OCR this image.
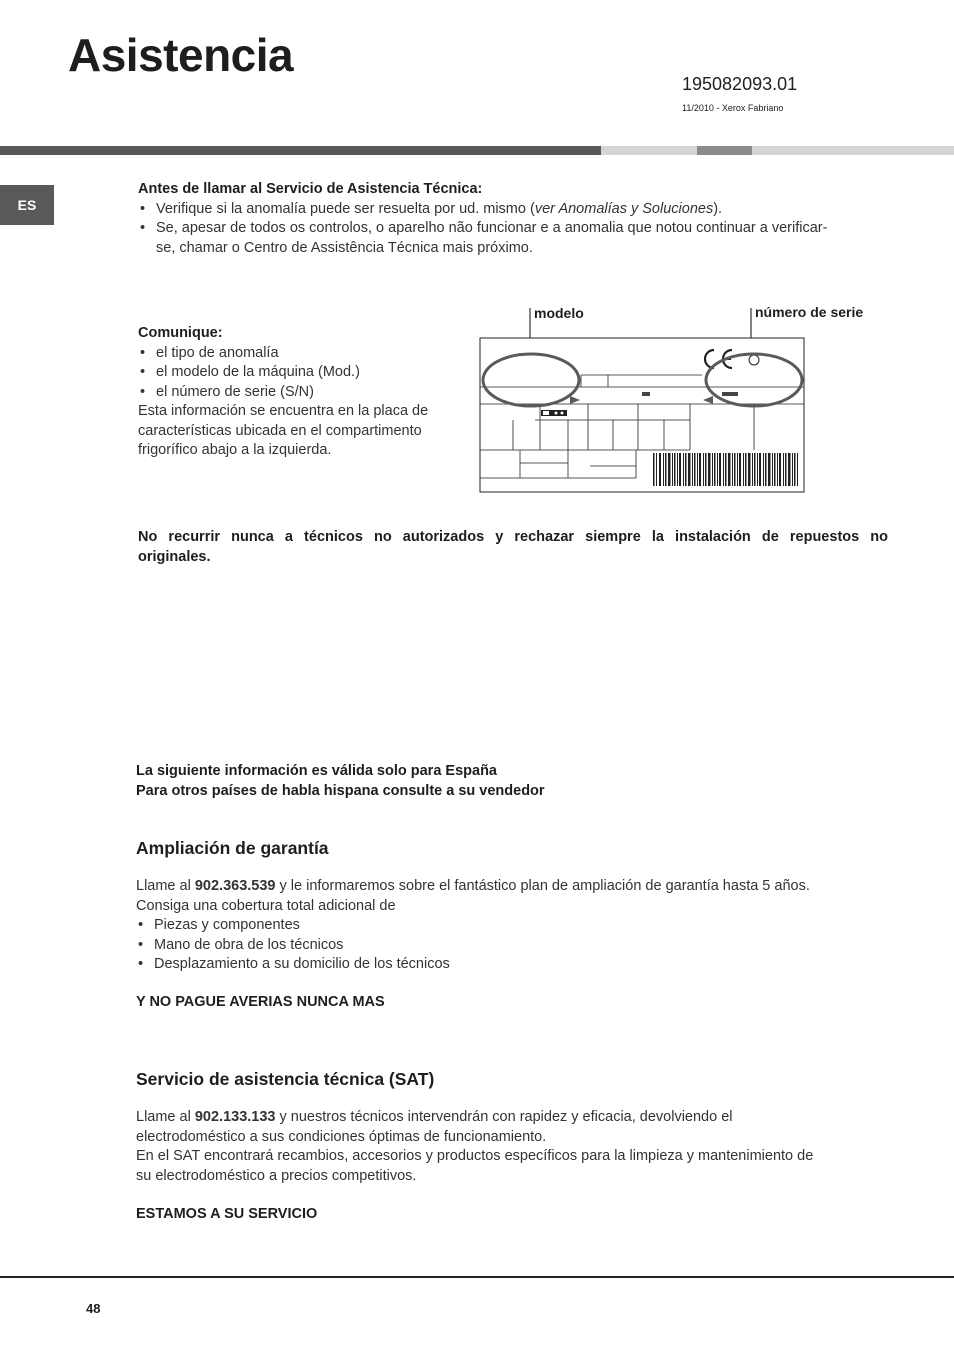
Asistencia
195082093.01
11/2010 - Xerox Fabriano
ES
Antes de llamar al Servicio de Asistencia Técnica:
• Verifique si la anomalía puede ser resuelta por ud. mismo (ver Anomalías y Soluciones).
• Se, apesar de todos os controlos, o aparelho não funcionar e a anomalia que notou continuar a verificar-
se, chamar o Centro de Assistência Técnica mais próximo.
Comunique:
• el tipo de anomalía
• el modelo de la máquina (Mod.)
• el número de serie (S/N)
Esta información se encuentra en la placa de
características ubicada en el compartimento
frigorífico abajo a la izquierda.
modelo	número de serie
No recurrir nunca a técnicos no autorizados y rechazar siempre la instalación de repuestos no
originales.
La siguiente información es válida solo para España
Para otros países de habla hispana consulte a su vendedor
Ampliación de garantía
Llame al 902.363.539 y le informaremos sobre el fantástico plan de ampliación de garantía hasta 5 años.
Consiga una cobertura total adicional de
• Piezas y componentes
• Mano de obra de los técnicos
• Desplazamiento a su domicilio de los técnicos
Y NO PAGUE AVERIAS NUNCA MAS
Servicio de asistencia técnica (SAT)
Llame al 902.133.133 y nuestros técnicos intervendrán con rapidez y eficacia, devolviendo el
electrodoméstico a sus condiciones óptimas de funcionamiento.
En el SAT encontrará recambios, accesorios y productos específicos para la limpieza y mantenimiento de
su electrodoméstico a precios competitivos.
ESTAMOS A SU SERVICIO
48
